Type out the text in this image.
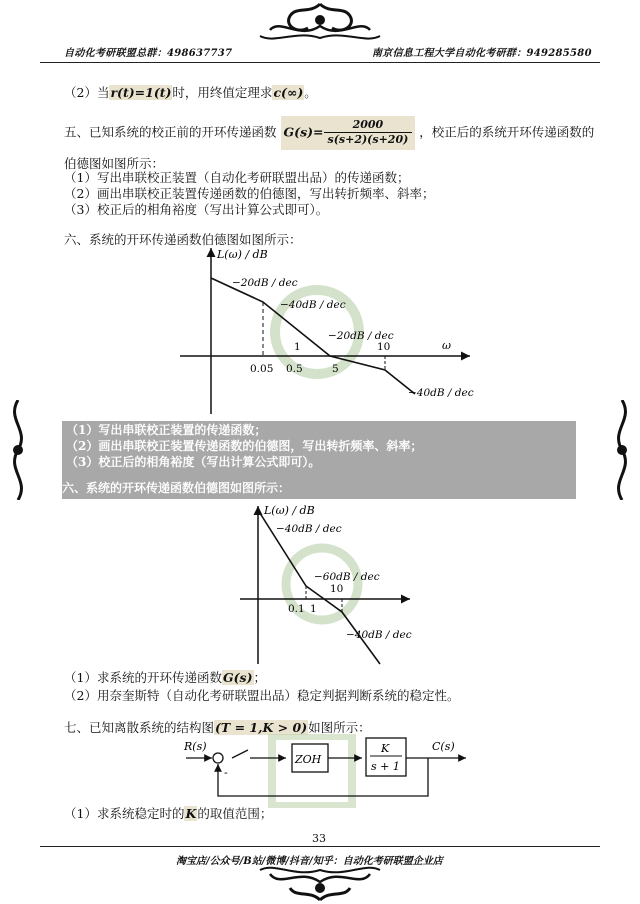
自动化考研联盟总群：498637737	南京信息工程大学自动化考研群：949285580
（2）当r(t)=1(t)时，用终值定理求c(∞)。
五、已知系统的校正前的开环传递函数 $G(s)= \frac{2000}{s(s+2)(s+20)}$ ，校正后的系统开环传递函数的
伯德图如图所示：
（1）写出串联校正装置（自动化考研联盟出品）的传递函数；
（2）画出串联校正装置传递函数的伯德图，写出转折频率、斜率；
（3）校正后的相角裕度（写出计算公式即可）。
六、系统的开环传递函数伯德图如图所示：
L(ω) / dB
ω
−20dB / dec
−40dB / dec
−20dB / dec
−40dB / dec
0.05 0.5
1
5
10
（1）写出串联校正装置的传递函数；
（2）画出串联校正装置传递函数的伯德图，写出转折频率、斜率；
（3）校正后的相角裕度（写出计算公式即可）。
六、系统的开环传递函数伯德图如图所示：
L(ω) / dB
−40dB / dec
−60dB / dec
−40dB / dec
0.1 1
10
（1）求系统的开环传递函数G(s)；
（2）用奈奎斯特（自动化考研联盟出品）稳定判据判断系统的稳定性。
七、已知离散系统的结构图(T = 1,K > 0)如图所示：
R(s)
-
ZOH
K
s + 1
C(s)
（1）求系统稳定时的K的取值范围；
33
淘宝店/公众号/B站/微博/抖音/知乎：自动化考研联盟企业店
